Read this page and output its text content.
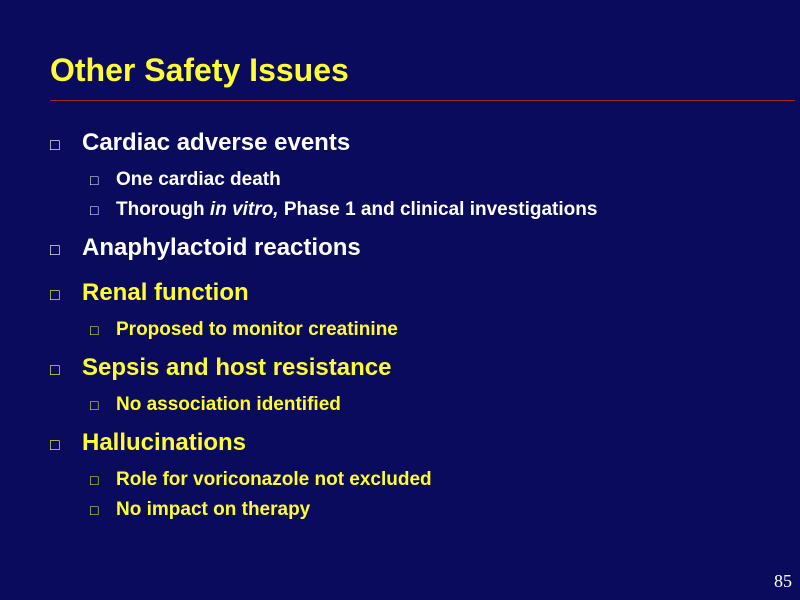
Other Safety Issues
□ Cardiac adverse events
□ One cardiac death
□ Thorough in vitro, Phase 1 and clinical investigations
□ Anaphylactoid reactions
□ Renal function
□ Proposed to monitor creatinine
□ Sepsis and host resistance
□ No association identified
□ Hallucinations
□ Role for voriconazole not excluded
□ No impact on therapy
85
